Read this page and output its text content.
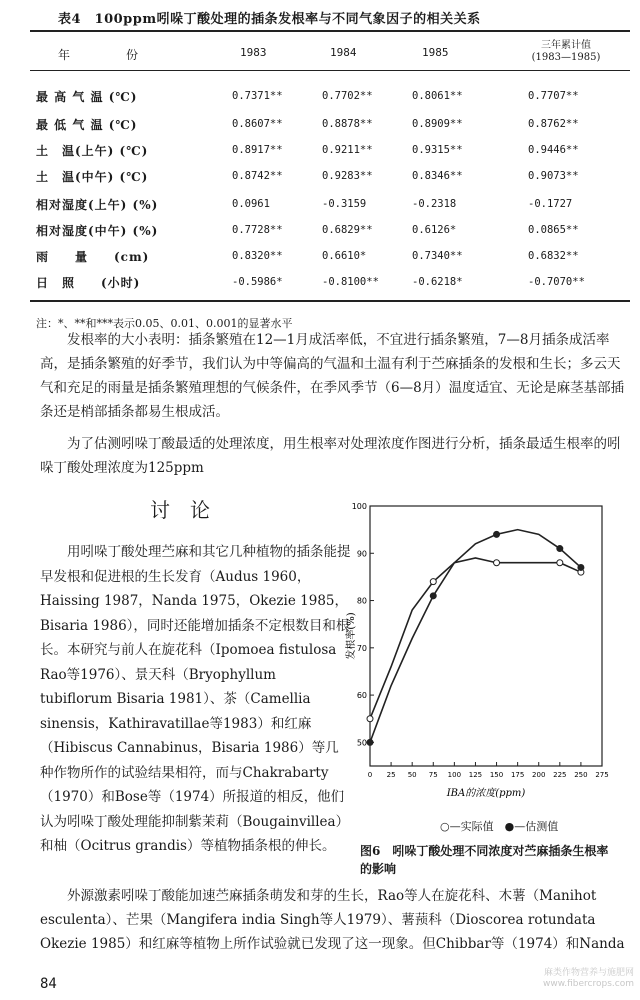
表4　100ppm吲哚丁酸处理的插条发根率与不同气象因子的相关关系
年　份	1983	1984	1985
三年累计值
(1983—1985)
最 高 气 温 (℃)	0.7371**	0.7702**	0.8061**	0.7707**
最 低 气 温 (℃)	0.8607**	0.8878**	0.8909**	0.8762**
土　温(上午) (℃)	0.8917**	0.9211**	0.9315**	0.9446**
土　温(中午) (℃)	0.8742**	0.9283**	0.8346**	0.9073**
相对湿度(上午) (%)	0.0961	-0.3159	-0.2318	-0.1727
相对湿度(中午) (%)	0.7728**	0.6829**	0.6126*	0.0865**
雨　　量　　(cm)	0.8320**	0.6610*	0.7340**	0.6832**
日　照　　(小时)	-0.5986*	-0.8100**	-0.6218*	-0.7070**
注：*、**和***表示0.05、0.01、0.001的显著水平
发根率的大小表明：插条繁殖在12—1月成活率低，不宜进行插条繁殖，7—8月插条成活率高，是插条繁殖的好季节，我们认为中等偏高的气温和土温有利于苎麻插条的发根和生长；多云天气和充足的雨量是插条繁殖理想的气候条件，在季风季节（6—8月）温度适宜、无论是麻茎基部插条还是梢部插条都易生根成活。
为了估测吲哚丁酸最适的处理浓度，用生根率对处理浓度作图进行分析，插条最适生根率的吲哚丁酸处理浓度为125ppm
讨论
用吲哚丁酸处理苎麻和其它几种植物的插条能提早发根和促进根的生长发育（Audus 1960，Haissing 1987，Nanda 1975，Okezie 1985，Bisaria 1986），同时还能增加插条不定根数目和根长。本研究与前人在旋花科（Ipomoea fistulosa Rao等1976）、景天科（Bryophyllum tubiflorum Bisaria 1981）、茶（Camellia sinensis，Kathiravatillae等1983）和红麻（Hibiscus Cannabinus，Bisaria 1986）等几种作物所作的试验结果相符，而与Chakrabarty（1970）和Bose等（1974）所报道的相反，他们认为吲哚丁酸处理能抑制紫茉莉（Bougainvillea）和柚（Ocitrus grandis）等植物插条根的伸长。
50
60
70
80
90
100
0 25 50 75 100 125 150 175 200 225 250 275
发根率(%)
IBA的浓度(ppm)
○—实际值　●—估测值
图6　吲哚丁酸处理不同浓度对苎麻插条生根率的影响
外源激素吲哚丁酸能加速苎麻插条萌发和芽的生长，Rao等人在旋花科、木薯（Manihot esculenta）、芒果（Mangifera india Singh等人1979）、薯蓣科（Dioscorea rotundata Okezie 1985）和红麻等植物上所作试验就已发现了这一现象。但Chibbar等（1974）和Nanda
84
麻类作物营养与施肥网 www.fibercrops.com
